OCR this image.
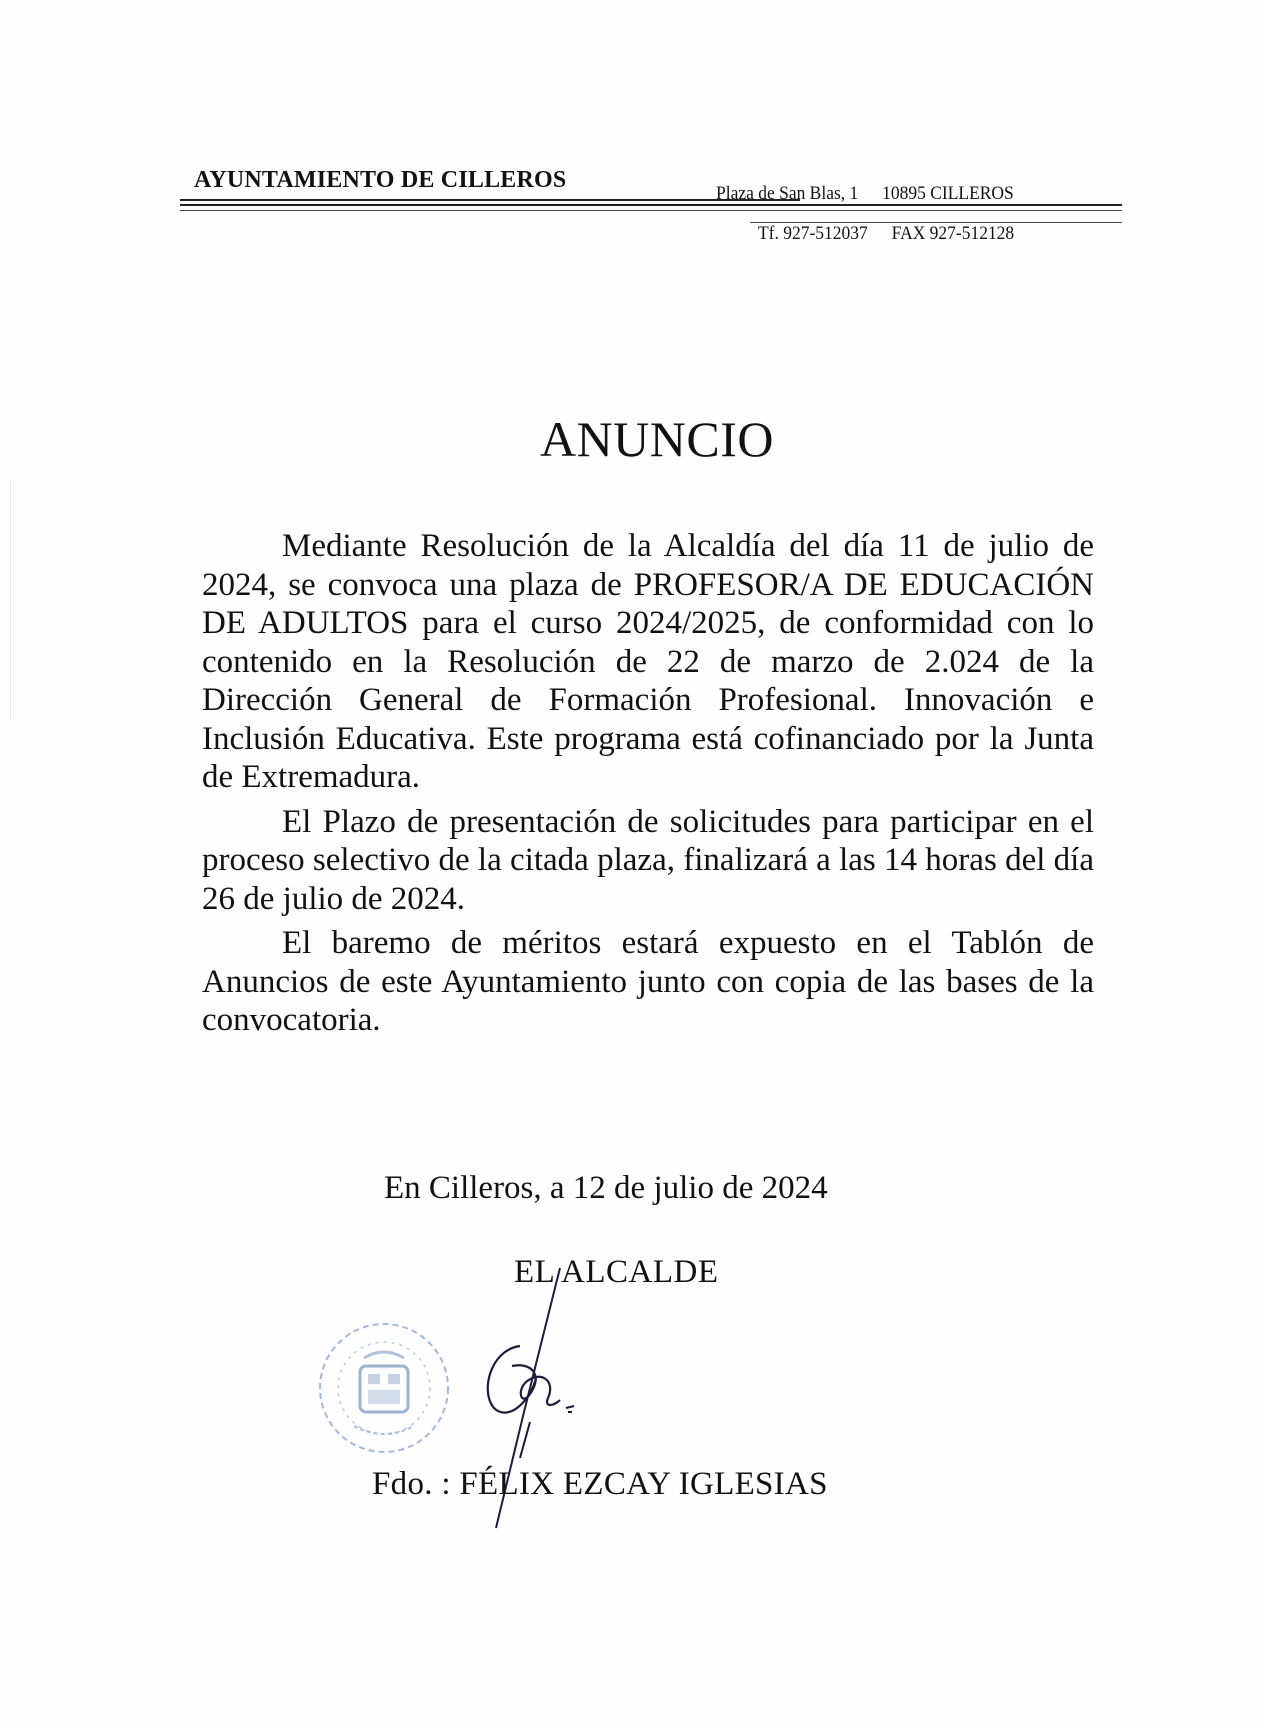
AYUNTAMIENTO DE CILLEROS
Plaza de San Blas, 1 10895 CILLEROS
Tf. 927-512037 FAX 927-512128
ANUNCIO

Mediante Resolución de la Alcaldía del día 11 de julio de 2024, se convoca una plaza de PROFESOR/A DE EDUCACIÓN DE ADULTOS para el curso 2024/2025, de conformidad con lo contenido en la Resolución de 22 de marzo de 2.024 de la Dirección General de Formación Profesional. Innovación e Inclusión Educativa. Este programa está cofinanciado por la Junta de Extremadura.

El Plazo de presentación de solicitudes para participar en el proceso selectivo de la citada plaza, finalizará a las 14 horas del día 26 de julio de 2024.

El baremo de méritos estará expuesto en el Tablón de Anuncios de este Ayuntamiento junto con copia de las bases de la convocatoria.

En Cilleros, a 12 de julio de 2024
EL ALCALDE
Fdo. : FÉLIX EZCAY IGLESIAS
